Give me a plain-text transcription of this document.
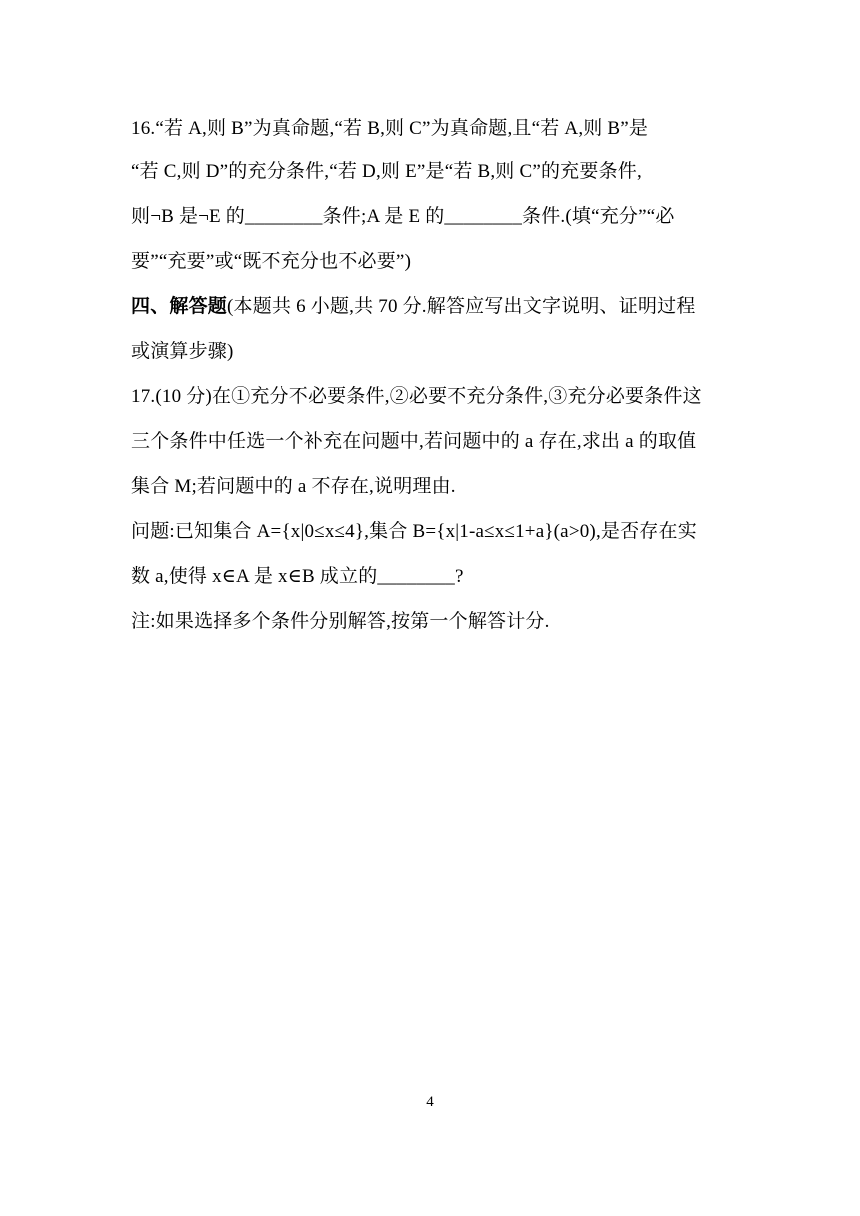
16.“若 A,则 B”为真命题,“若 B,则 C”为真命题,且“若 A,则 B”是
“若 C,则 D”的充分条件,“若 D,则 E”是“若 B,则 C”的充要条件,
则¬B 是¬E 的________条件;A 是 E 的________条件.(填“充分”“必
要”“充要”或“既不充分也不必要”)
四、解答题(本题共 6 小题,共 70 分.解答应写出文字说明、证明过程
或演算步骤)
17.(10 分)在①充分不必要条件,②必要不充分条件,③充分必要条件这
三个条件中任选一个补充在问题中,若问题中的 a 存在,求出 a 的取值
集合 M;若问题中的 a 不存在,说明理由.
问题:已知集合 A={x|0≤x≤4},集合 B={x|1-a≤x≤1+a}(a>0),是否存在实
数 a,使得 x∈A 是 x∈B 成立的________?
注:如果选择多个条件分别解答,按第一个解答计分.
4
